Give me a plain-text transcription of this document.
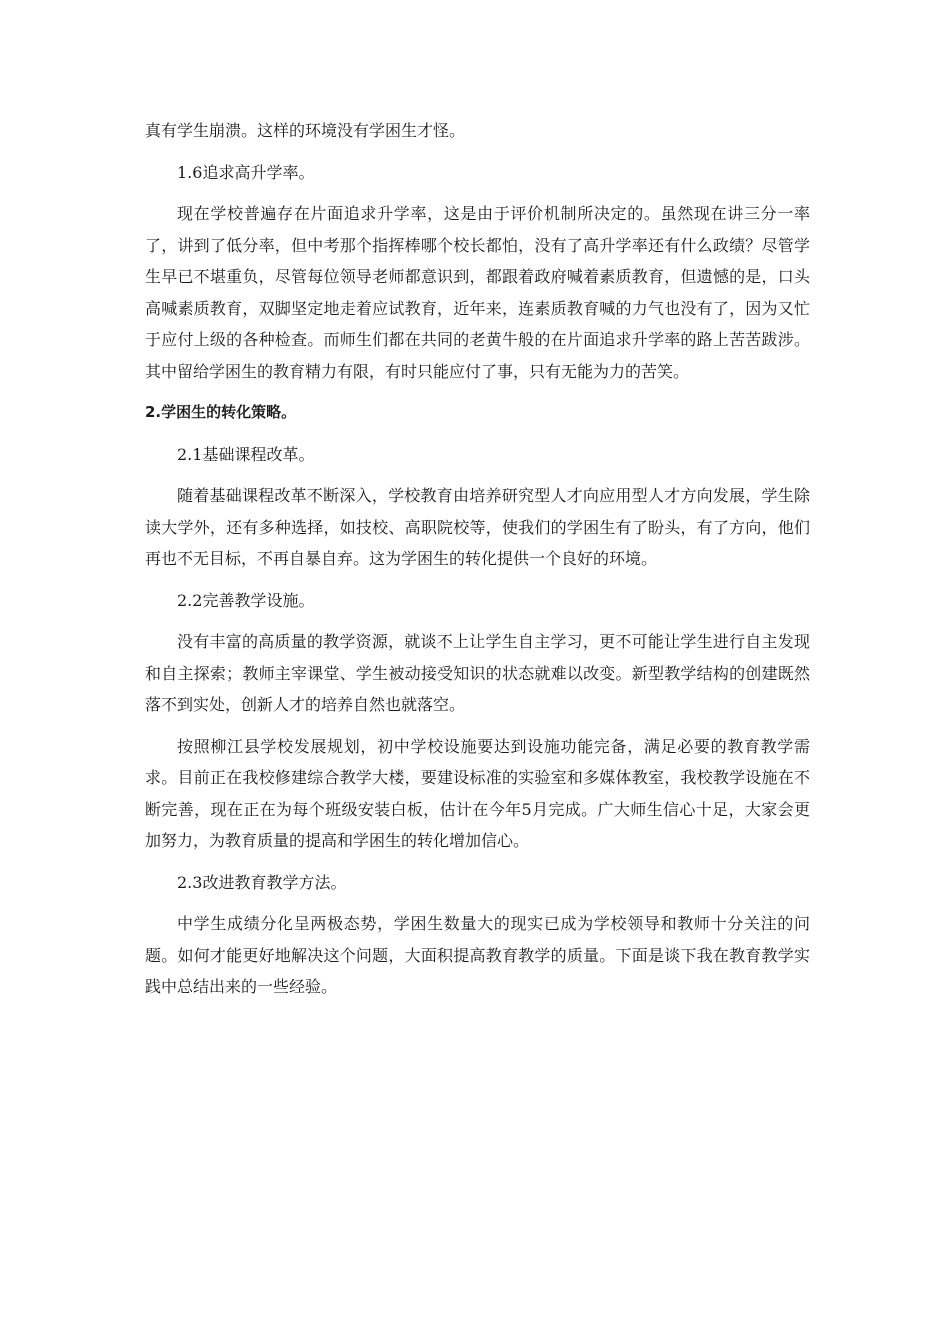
真有学生崩溃。这样的环境没有学困生才怪。

1.6追求高升学率。

现在学校普遍存在片面追求升学率，这是由于评价机制所决定的。虽然现在讲三分一率了，讲到了低分率，但中考那个指挥棒哪个校长都怕，没有了高升学率还有什么政绩？尽管学生早已不堪重负，尽管每位领导老师都意识到，都跟着政府喊着素质教育，但遗憾的是，口头高喊素质教育，双脚坚定地走着应试教育，近年来，连素质教育喊的力气也没有了，因为又忙于应付上级的各种检查。而师生们都在共同的老黄牛般的在片面追求升学率的路上苦苦跋涉。其中留给学困生的教育精力有限，有时只能应付了事，只有无能为力的苦笑。

2.学困生的转化策略。

2.1基础课程改革。

随着基础课程改革不断深入，学校教育由培养研究型人才向应用型人才方向发展，学生除读大学外，还有多种选择，如技校、高职院校等，使我们的学困生有了盼头，有了方向，他们再也不无目标，不再自暴自弃。这为学困生的转化提供一个良好的环境。

2.2完善教学设施。

没有丰富的高质量的教学资源，就谈不上让学生自主学习，更不可能让学生进行自主发现和自主探索；教师主宰课堂、学生被动接受知识的状态就难以改变。新型教学结构的创建既然落不到实处，创新人才的培养自然也就落空。

按照柳江县学校发展规划，初中学校设施要达到设施功能完备，满足必要的教育教学需求。目前正在我校修建综合教学大楼，要建设标准的实验室和多媒体教室，我校教学设施在不断完善，现在正在为每个班级安装白板，估计在今年5月完成。广大师生信心十足，大家会更加努力，为教育质量的提高和学困生的转化增加信心。

2.3改进教育教学方法。

中学生成绩分化呈两极态势，学困生数量大的现实已成为学校领导和教师十分关注的问题。如何才能更好地解决这个问题，大面积提高教育教学的质量。下面是谈下我在教育教学实践中总结出来的一些经验。
